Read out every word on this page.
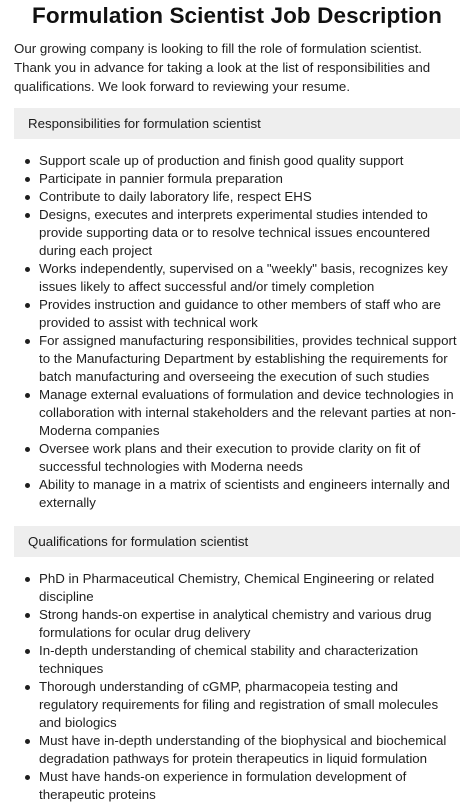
Formulation Scientist Job Description

Our growing company is looking to fill the role of formulation scientist. Thank you in advance for taking a look at the list of responsibilities and qualifications. We look forward to reviewing your resume.

Responsibilities for formulation scientist
Support scale up of production and finish good quality support
Participate in pannier formula preparation
Contribute to daily laboratory life, respect EHS
Designs, executes and interprets experimental studies intended to provide supporting data or to resolve technical issues encountered during each project
Works independently, supervised on a "weekly" basis, recognizes key issues likely to affect successful and/or timely completion
Provides instruction and guidance to other members of staff who are provided to assist with technical work
For assigned manufacturing responsibilities, provides technical support to the Manufacturing Department by establishing the requirements for batch manufacturing and overseeing the execution of such studies
Manage external evaluations of formulation and device technologies in collaboration with internal stakeholders and the relevant parties at non-Moderna companies
Oversee work plans and their execution to provide clarity on fit of successful technologies with Moderna needs
Ability to manage in a matrix of scientists and engineers internally and externally
Qualifications for formulation scientist
PhD in Pharmaceutical Chemistry, Chemical Engineering or related discipline
Strong hands-on expertise in analytical chemistry and various drug formulations for ocular drug delivery
In-depth understanding of chemical stability and characterization techniques
Thorough understanding of cGMP, pharmacopeia testing and regulatory requirements for filing and registration of small molecules and biologics
Must have in-depth understanding of the biophysical and biochemical degradation pathways for protein therapeutics in liquid formulation
Must have hands-on experience in formulation development of therapeutic proteins
